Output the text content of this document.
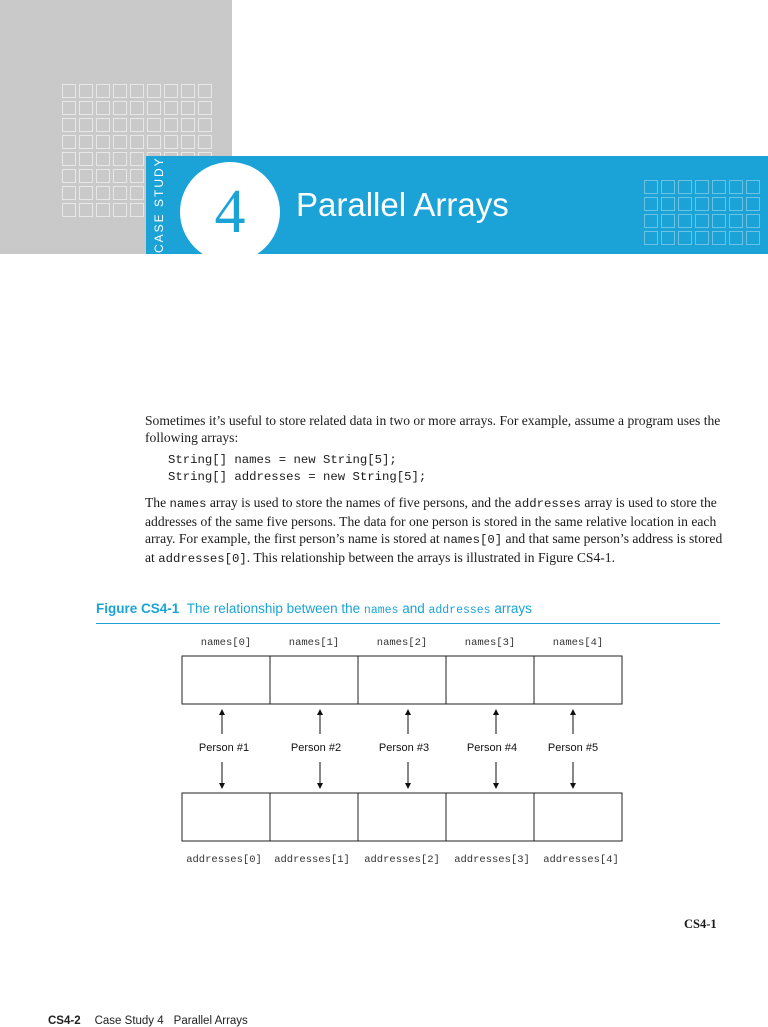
CASE STUDY 4 Parallel Arrays

Sometimes it’s useful to store related data in two or more arrays. For example, assume a program uses the following arrays:

String[] names = new String[5];
String[] addresses = new String[5];

The names array is used to store the names of five persons, and the addresses array is used to store the addresses of the same five persons. The data for one person is stored in the same relative location in each array. For example, the first person’s name is stored at names[0] and that same person’s address is stored at addresses[0]. This relationship between the arrays is illustrated in Figure CS4-1.

Figure CS4-1 The relationship between the names and addresses arrays
names[0]	names[1]	names[2]	names[3]	names[4]
Person #1	Person #2	Person #3	Person #4	Person #5
addresses[0]	addresses[1]	addresses[2]	addresses[3]	addresses[4]
CS4-1
CS4-2 Case Study 4 Parallel Arrays
